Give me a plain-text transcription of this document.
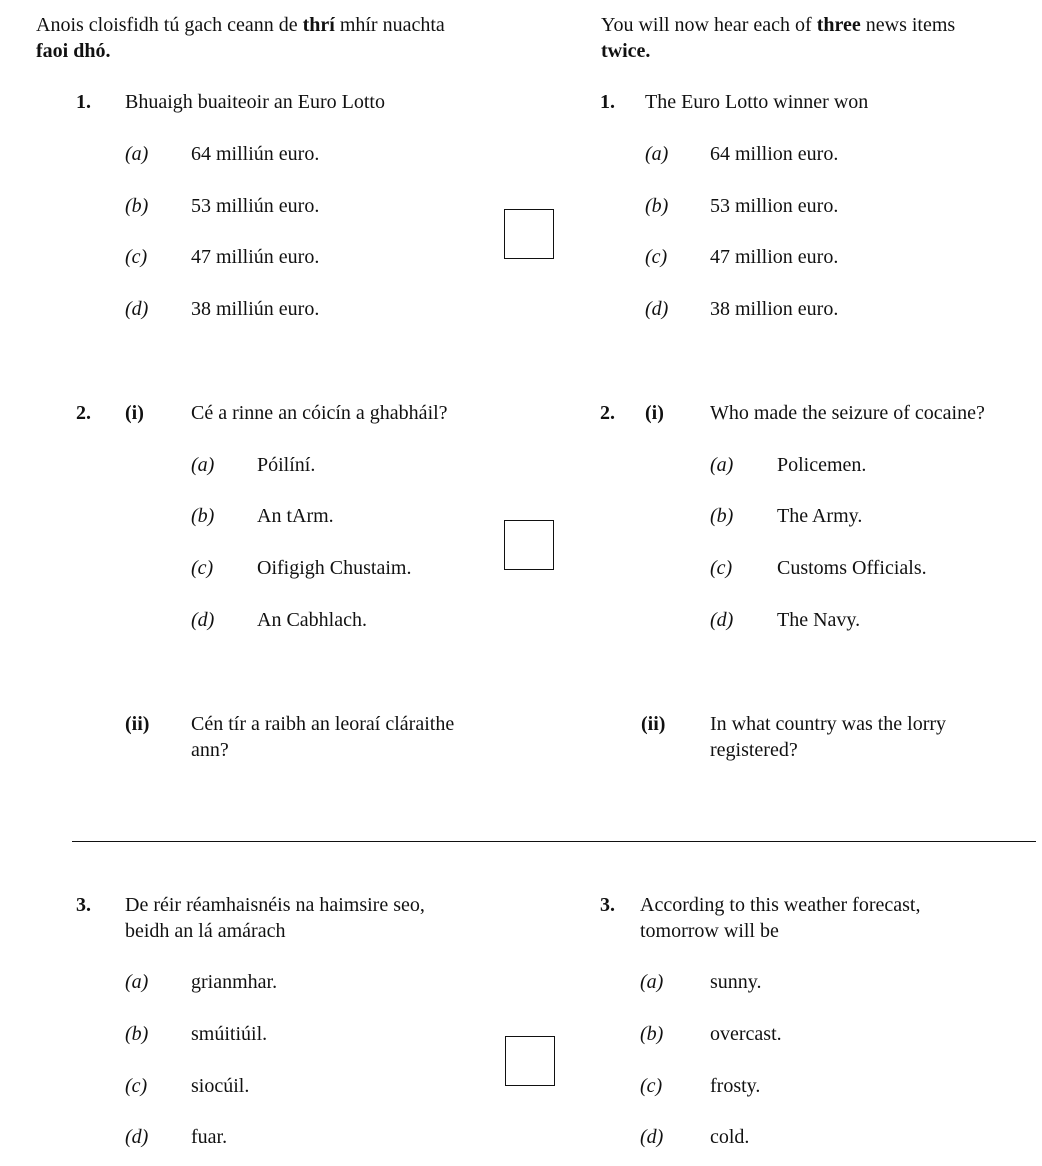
Anois cloisfidh tú gach ceann de thrí mhír nuachta
faoi dhó.
You will now hear each of three news items
twice.
1. Bhuaigh buaiteoir an Euro Lotto
(a) 64 milliún euro.
(b) 53 milliún euro.
(c) 47 milliún euro.
(d) 38 milliún euro.
1. The Euro Lotto winner won
(a) 64 million euro.
(b) 53 million euro.
(c) 47 million euro.
(d) 38 million euro.
2. (i) Cé a rinne an cóicín a ghabháil?
(a) Póilíní.
(b) An tArm.
(c) Oifigigh Chustaim.
(d) An Cabhlach.
2. (i) Who made the seizure of cocaine?
(a) Policemen.
(b) The Army.
(c) Customs Officials.
(d) The Navy.
(ii) Cén tír a raibh an leoraí cláraithe
ann?
(ii) In what country was the lorry
registered?
3. De réir réamhaisnéis na haimsire seo,
beidh an lá amárach
(a) grianmhar.
(b) smúitiúil.
(c) siocúil.
(d) fuar.
3. According to this weather forecast,
tomorrow will be
(a) sunny.
(b) overcast.
(c) frosty.
(d) cold.
